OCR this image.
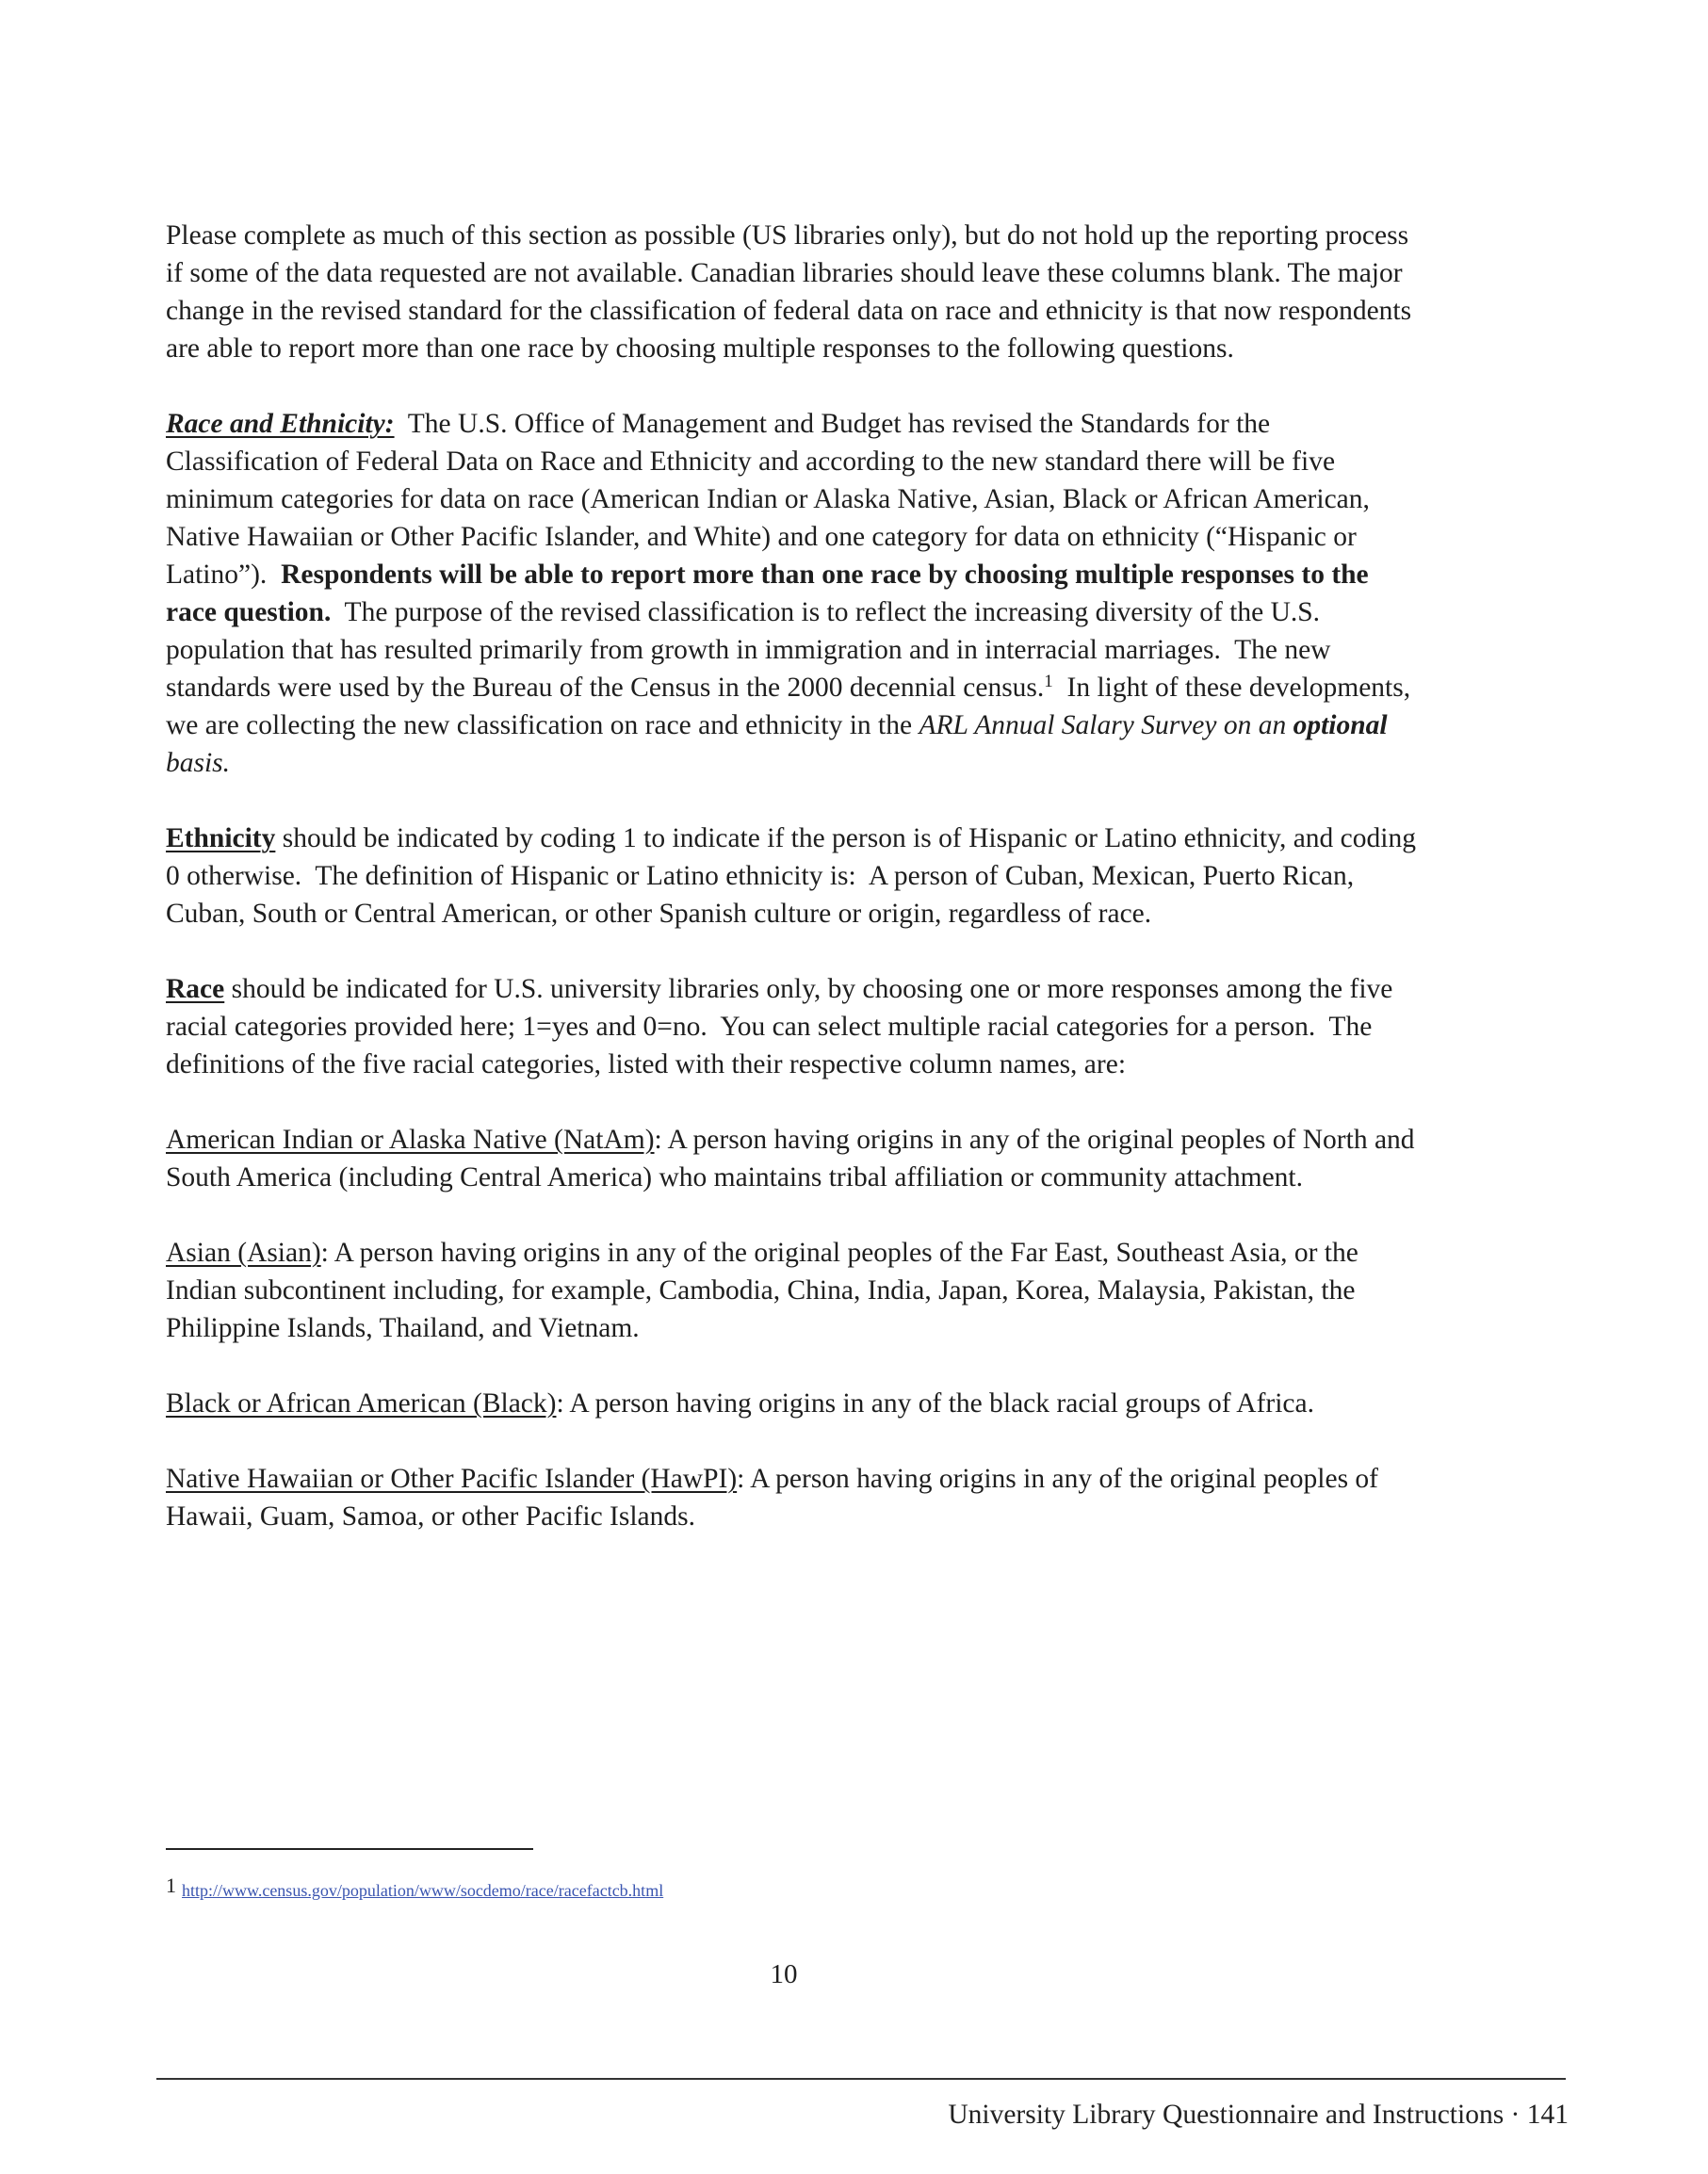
Please complete as much of this section as possible (US libraries only), but do not hold up the reporting process if some of the data requested are not available. Canadian libraries should leave these columns blank. The major change in the revised standard for the classification of federal data on race and ethnicity is that now respondents are able to report more than one race by choosing multiple responses to the following questions.

Race and Ethnicity:  The U.S. Office of Management and Budget has revised the Standards for the Classification of Federal Data on Race and Ethnicity and according to the new standard there will be five minimum categories for data on race (American Indian or Alaska Native, Asian, Black or African American, Native Hawaiian or Other Pacific Islander, and White) and one category for data on ethnicity (“Hispanic or Latino”).  Respondents will be able to report more than one race by choosing multiple responses to the race question.  The purpose of the revised classification is to reflect the increasing diversity of the U.S. population that has resulted primarily from growth in immigration and in interracial marriages.  The new standards were used by the Bureau of the Census in the 2000 decennial census.$^1$  In light of these developments, we are collecting the new classification on race and ethnicity in the ARL Annual Salary Survey on an optional basis.

Ethnicity should be indicated by coding 1 to indicate if the person is of Hispanic or Latino ethnicity, and coding 0 otherwise.  The definition of Hispanic or Latino ethnicity is:  A person of Cuban, Mexican, Puerto Rican, Cuban, South or Central American, or other Spanish culture or origin, regardless of race.

Race should be indicated for U.S. university libraries only, by choosing one or more responses among the five racial categories provided here; 1=yes and 0=no.  You can select multiple racial categories for a person.  The definitions of the five racial categories, listed with their respective column names, are:

American Indian or Alaska Native (NatAm): A person having origins in any of the original peoples of North and South America (including Central America) who maintains tribal affiliation or community attachment.

Asian (Asian): A person having origins in any of the original peoples of the Far East, Southeast Asia, or the Indian subcontinent including, for example, Cambodia, China, India, Japan, Korea, Malaysia, Pakistan, the Philippine Islands, Thailand, and Vietnam.

Black or African American (Black): A person having origins in any of the black racial groups of Africa.

Native Hawaiian or Other Pacific Islander (HawPI): A person having origins in any of the original peoples of Hawaii, Guam, Samoa, or other Pacific Islands.

1 http://www.census.gov/population/www/socdemo/race/racefactcb.html
10
University Library Questionnaire and Instructions · 141
